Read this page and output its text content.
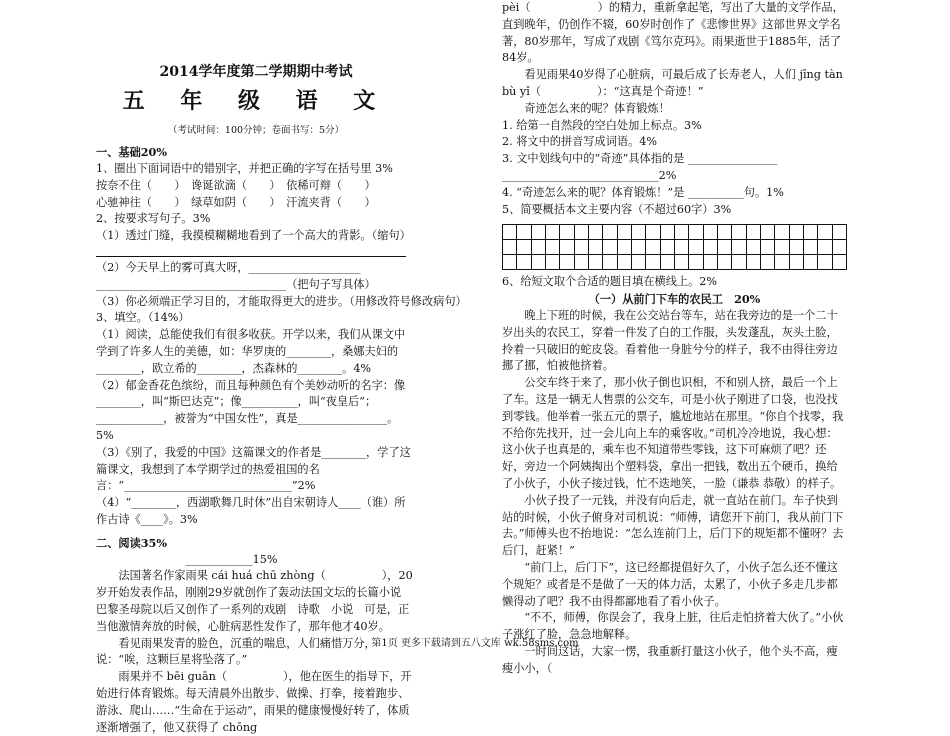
2014学年度第二学期期中考试
五 年 级 语 文
（考试时间：100分钟；卷面书写：5分）
一、基础20%
1、圈出下面词语中的错别字，并把正确的字写在括号里 3%
按奈不住（　　）　谗诞欲滴（　　）　依稀可辩（　　）
心驰神往（　　）　绿草如阴（　　）　汗流夹背（　　）
2、按要求写句子。3%
（1）透过门缝，我摸模糊糊地看到了一个高大的背影。（缩句）
（2）今天早上的雾可真大呀，____________________
__________________________________（把句子写具体）
（3）你必须端正学习目的，才能取得更大的进步。（用修改符号修改病句）
3、填空。（14%）
（1）阅读，总能使我们有很多收获。开学以来，我们从课文中学到了许多人生的美德，如：华罗庚的________，桑娜夫妇的________，欧立希的________，杰森林的________。4%
（2）郁金香花色缤纷，而且每种颜色有个美妙动听的名字：像________，叫“斯巴达克”；像__________，叫“夜皇后”；____________，被誉为“中国女性”，真是________________。5%
（3）《别了，我爱的中国》这篇课文的作者是________，学了这篇课文，我想到了本学期学过的热爱祖国的名言：“______________________________”2%
（4）“________，西湖歌舞几时休”出自宋朝诗人____（谁）所作古诗《____》。3%
二、阅读35%
　　　　　　　　____________15%
　　法国著名作家雨果 cái huá chū zhòng（　　　　　），20岁开始发表作品，刚刚29岁就创作了轰动法国文坛的长篇小说　 巴黎圣母院以后又创作了一系列的戏剧　诗歌　小说　可是，正当他激情奔放的时候，心脏病恶性发作了，那年他才40岁。
　　看见雨果发青的脸色，沉重的喘息，人们痛惜万分，说：“唉，这颗巨星将坠落了。”
　　雨果并不 bēi guān（　　　　　），他在医生的指导下，开始进行体育锻炼。每天清晨外出散步、做操、打拳，接着跑步、游泳、爬山……“生命在于运动”，雨果的健康慢慢好转了，体质逐渐增强了，他又获得了 chōng
pèi（　　　　　　）的精力，重新拿起笔，写出了大量的文学作品，直到晚年，仍创作不辍，60岁时创作了《悲惨世界》这部世界文学名著，80岁那年，写成了戏剧《笃尔克玛》。雨果逝世于1885年，活了84岁。
　　看见雨果40岁得了心脏病，可最后成了长寿老人，人们 jīng tàn bù yǐ（　　　　　）：“这真是个奇迹！”
　　奇迹怎么来的呢？体育锻炼！
1. 给第一自然段的空白处加上标点。3%
2. 将文中的拼音写成词语。4%
3. 文中划线句中的“奇迹”具体指的是 ________________
____________________________2%
4. “奇迹怎么来的呢？体育锻炼！”是 __________句。1%
5、简要概括本文主要内容（不超过60字）3%

6、给短文取个合适的题目填在横线上。2%
（一）从前门下车的农民工　20%
　　晚上下班的时候，我在公交站台等车，站在我旁边的是一个二十岁出头的农民工，穿着一件发了白的工作服，头发蓬乱，灰头土脸，拎着一只破旧的蛇皮袋。看着他一身脏兮兮的样子，我不由得往旁边挪了挪，怕被他挤着。
　　公交车终于来了，那小伙子倒也识相，不和别人挤，最后一个上了车。这是一辆无人售票的公交车，可是小伙子刚进了口袋，也没找到零钱。他举着一张五元的票子，尴尬地站在那里。“你自个找零，我不给你先找开，过一会儿向上车的乘客收。”司机冷冷地说，我心想：这小伙子也真是的，乘车也不知道带些零钱，这下可麻烦了吧？还好，旁边一个阿姨掏出个塑料袋，拿出一把钱，数出五个硬币，换给了小伙子，小伙子接过钱，忙不迭地笑，一脸（谦恭 恭敬）的样子。
　　小伙子投了一元钱，并没有向后走，就一直站在前门。车子快到站的时候，小伙子俯身对司机说：“师傅，请您开下前门，我从前门下去。”师傅头也不抬地说：“怎么连前门上，后门下的规矩都不懂呀？去后门，赶紧！”
　　“前门上，后门下”，这已经都提倡好久了，小伙子怎么还不懂这个规矩？或者是不是做了一天的体力活，太累了，小伙子多走几步都懒得动了吧？我不由得都鄙地看了看小伙子。
　　“不不，师傅，你误会了，我身上脏，往后走怕挤着大伙了。”小伙子涨红了脸，急急地解释。
　　一时间这话，大家一愣，我重新打量这小伙子，他个头不高，瘦瘦小小，（
第1页 更多下载请到五八文库 wk.58sms.com
